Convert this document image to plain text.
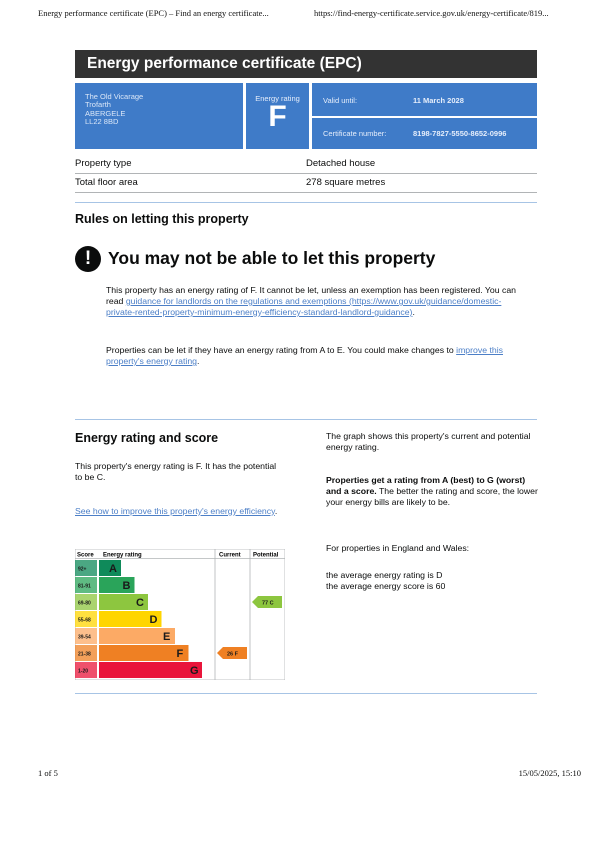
Energy performance certificate (EPC) – Find an energy certificate...	https://find-energy-certificate.service.gov.uk/energy-certificate/819...
Energy performance certificate (EPC)
The Old Vicarage
Trofarth
ABERGELE
LL22 8BD
Energy rating
F	Valid until:	11 March 2028
Certificate number:	8198-7827-5550-8652-0996
Property type	Detached house
Total floor area	278 square metres
Rules on letting this property
! You may not be able to let this property
This property has an energy rating of F. It cannot be let, unless an exemption has been registered. You can read guidance for landlords on the regulations and exemptions (https://www.gov.uk/guidance/domestic-private-rented-property-minimum-energy-efficiency-standard-landlord-guidance).
Properties can be let if they have an energy rating from A to E. You could make changes to improve this property's energy rating.
Energy rating and score
This property's energy rating is F. It has the potential to be C.
See how to improve this property's energy efficiency.
Score Energy rating	Current Potential
92+ A
81-91	B
69-80	C
55-68	D
39-54	E
21-38	F
1-20	G
26 F
77 C
The graph shows this property's current and potential energy rating.
Properties get a rating from A (best) to G (worst) and a score. The better the rating and score, the lower your energy bills are likely to be.
For properties in England and Wales:
the average energy rating is D
the average energy score is 60
1 of 5	15/05/2025, 15:10
